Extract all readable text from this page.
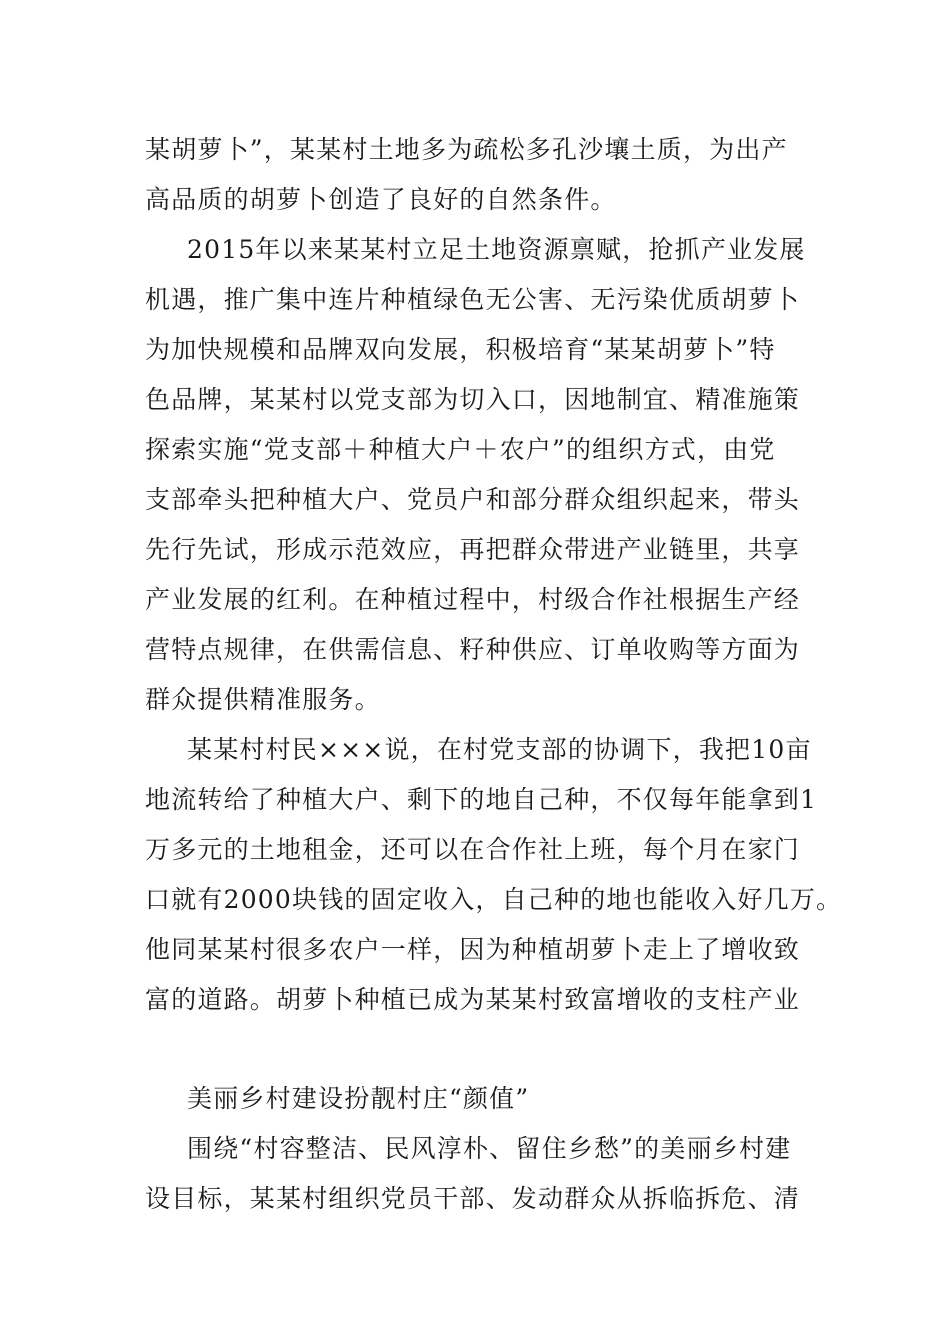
某胡萝卜”，某某村土地多为疏松多孔沙壤土质，为出产
高品质的胡萝卜创造了良好的自然条件。
2015年以来某某村立足土地资源禀赋，抢抓产业发展
机遇，推广集中连片种植绿色无公害、无污染优质胡萝卜
为加快规模和品牌双向发展，积极培育“某某胡萝卜”特
色品牌，某某村以党支部为切入口，因地制宜、精准施策
探索实施“党支部＋种植大户＋农户”的组织方式，由党
支部牵头把种植大户、党员户和部分群众组织起来，带头
先行先试，形成示范效应，再把群众带进产业链里，共享
产业发展的红利。在种植过程中，村级合作社根据生产经
营特点规律，在供需信息、籽种供应、订单收购等方面为
群众提供精准服务。
某某村村民×××说，在村党支部的协调下，我把10亩
地流转给了种植大户、剩下的地自己种，不仅每年能拿到1
万多元的土地租金，还可以在合作社上班，每个月在家门
口就有2000块钱的固定收入，自己种的地也能收入好几万。
他同某某村很多农户一样，因为种植胡萝卜走上了增收致
富的道路。胡萝卜种植已成为某某村致富增收的支柱产业
美丽乡村建设扮靓村庄“颜值”
围绕“村容整洁、民风淳朴、留住乡愁”的美丽乡村建
设目标，某某村组织党员干部、发动群众从拆临拆危、清
